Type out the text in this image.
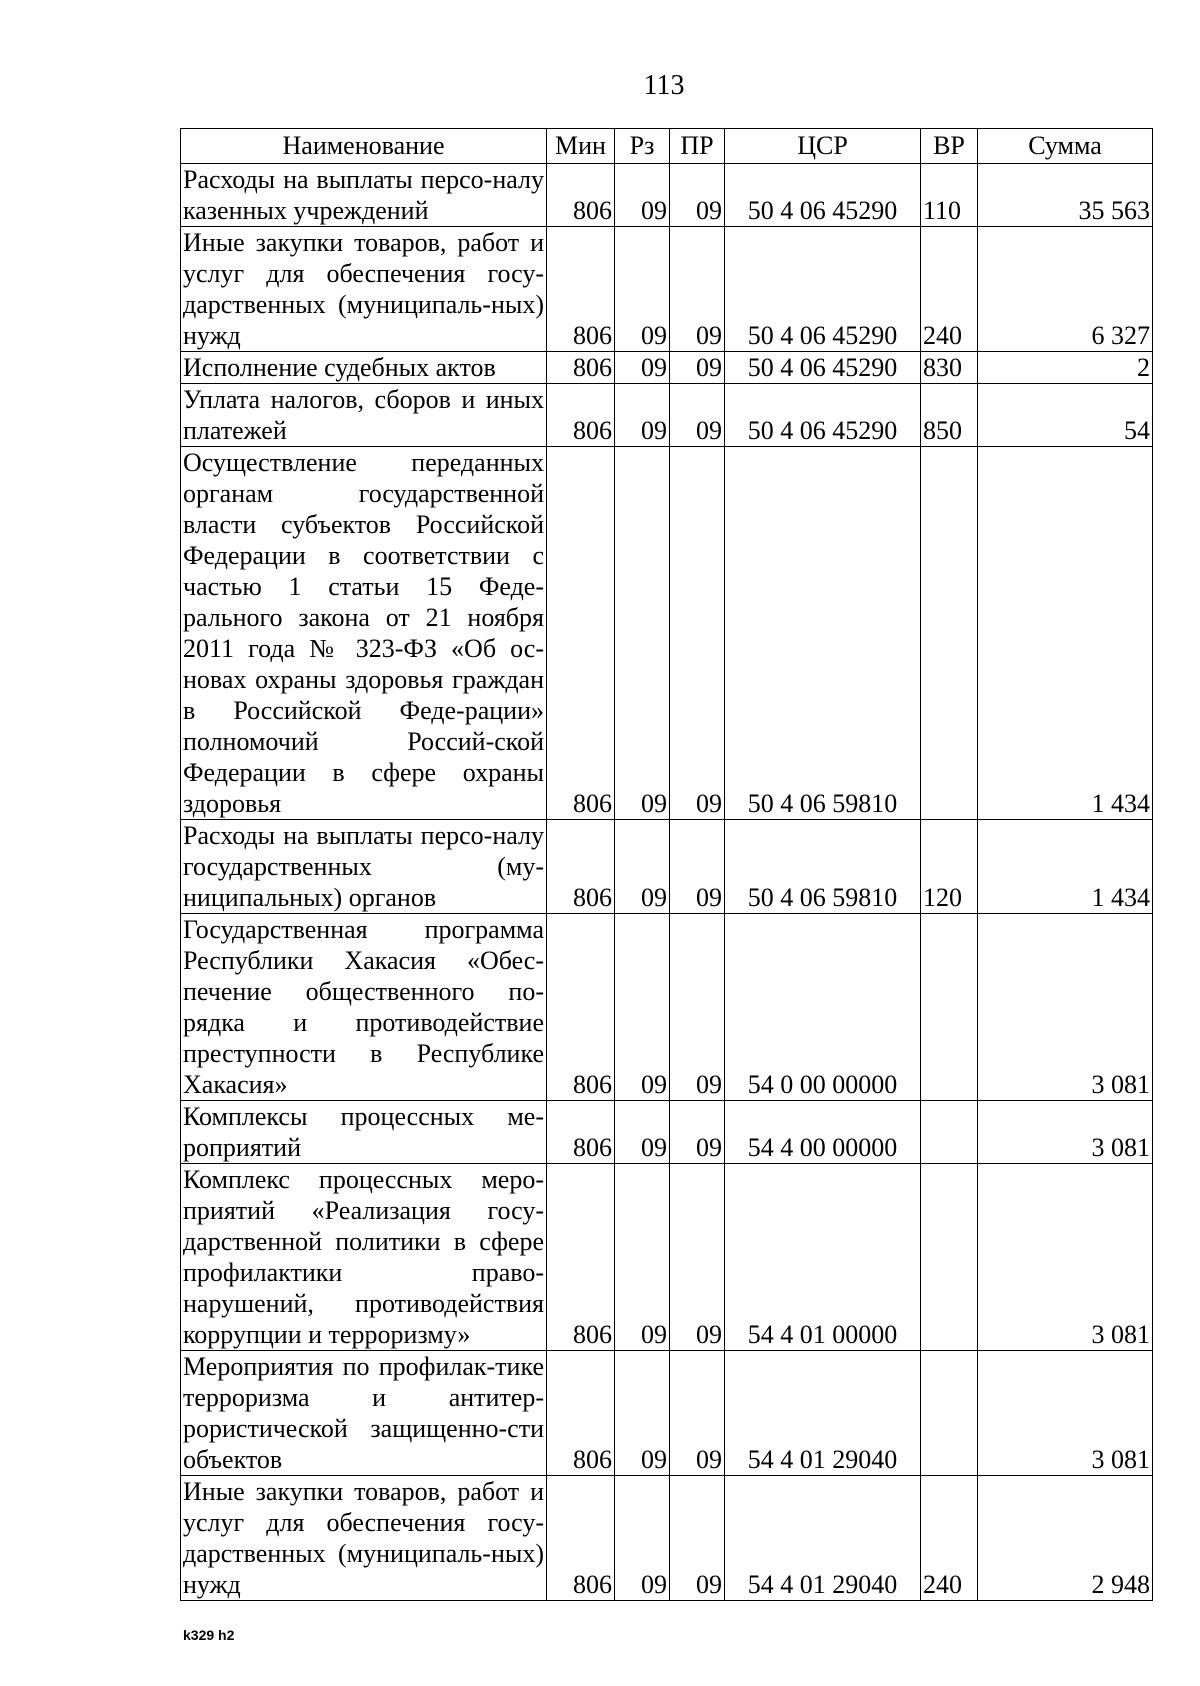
113
Наименование	Мин	Рз	ПР	ЦСР	ВР	Сумма
Расходы на выплаты персо-налу казенных учреждений	806	09	09	50 4 06 45290	110	35 563
Иные закупки товаров, работ и услуг для обеспечения госу-дарственных (муниципаль-ных) нужд	806	09	09	50 4 06 45290	240	6 327
Исполнение судебных актов	806	09	09	50 4 06 45290	830	2
Уплата налогов, сборов и иных платежей	806	09	09	50 4 06 45290	850	54
Осуществление переданных органам государственной власти субъектов Российской Федерации в соответствии с частью 1 статьи 15 Феде-рального закона от 21 ноября 2011 года № 323-ФЗ «Об ос-новах охраны здоровья граждан в Российской Феде-рации» полномочий Россий-ской Федерации в сфере охраны здоровья	806	09	09	50 4 06 59810		1 434
Расходы на выплаты персо-налу государственных (му-ниципальных) органов	806	09	09	50 4 06 59810	120	1 434
Государственная программа Республики Хакасия «Обес-печение общественного по-рядка и противодействие преступности в Республике Хакасия»	806	09	09	54 0 00 00000		3 081
Комплексы процессных ме-роприятий	806	09	09	54 4 00 00000		3 081
Комплекс процессных меро-приятий «Реализация госу-дарственной политики в сфере профилактики право-нарушений, противодействия коррупции и терроризму»	806	09	09	54 4 01 00000		3 081
Мероприятия по профилак-тике терроризма и антитер-рористической защищенно-сти объектов	806	09	09	54 4 01 29040		3 081
Иные закупки товаров, работ и услуг для обеспечения госу-дарственных (муниципаль-ных) нужд	806	09	09	54 4 01 29040	240	2 948
k329 h2
